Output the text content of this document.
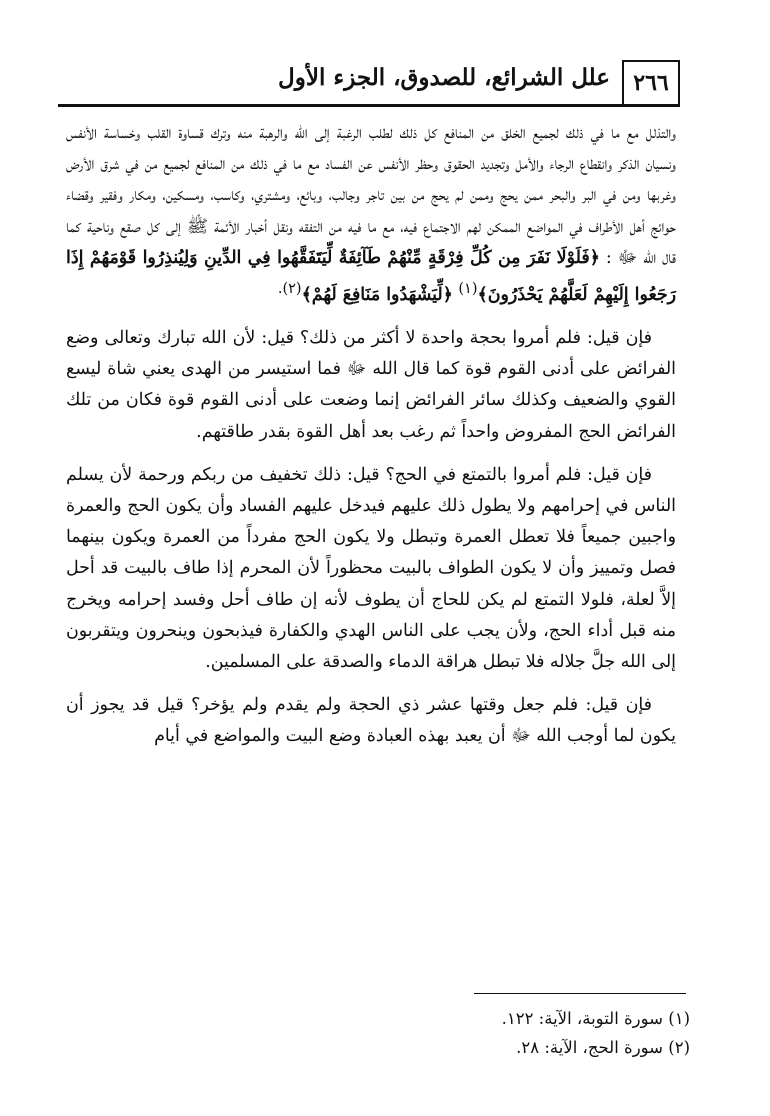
٢٦٦
علل الشرائع، للصدوق، الجزء الأول

والتذلل مع ما في ذلك لجميع الخلق من المنافع كل ذلك لطلب الرغبة إلى الله والرهبة منه وترك قساوة القلب وخساسة الأنفس ونسيان الذكر وانقطاع الرجاء والأمل وتجديد الحقوق وحظر الأنفس عن الفساد مع ما في ذلك من المنافع لجميع من في شرق الأرض وغربها ومن في البر والبحر ممن يحج وممن لم يحج من بين تاجر وجالب، وبائع، ومشتري، وكاسب، ومسكين، ومكار وفقير وقضاء حوائج أهل الأطراف في المواضع الممكن لهم الاجتماع فيه، مع ما فيه من التفقه ونقل أخبار الأئمة ﷺ إلى كل صقع وناحية كما قال الله ﷻ : ﴿فَلَوْلَا نَفَرَ مِن كُلِّ فِرْقَةٍ مِّنْهُمْ طَآئِفَةٌ لِّيَتَفَقَّهُوا فِي الدِّينِ وَلِيُنذِرُوا قَوْمَهُمْ إِذَا رَجَعُوا إِلَيْهِمْ لَعَلَّهُمْ يَحْذَرُونَ﴾$^{(١)}$ ﴿لِّيَشْهَدُوا مَنَافِعَ لَهُمْ﴾$^{(٢).}$

فإن قيل: فلم أمروا بحجة واحدة لا أكثر من ذلك؟ قيل: لأن الله تبارك وتعالى وضع الفرائض على أدنى القوم قوة كما قال الله ﷻ فما استيسر من الهدى يعني شاة ليسع القوي والضعيف وكذلك سائر الفرائض إنما وضعت على أدنى القوم قوة فكان من تلك الفرائض الحج المفروض واحداً ثم رغب بعد أهل القوة بقدر طاقتهم.

فإن قيل: فلم أمروا بالتمتع في الحج؟ قيل: ذلك تخفيف من ربكم ورحمة لأن يسلم الناس في إحرامهم ولا يطول ذلك عليهم فيدخل عليهم الفساد وأن يكون الحج والعمرة واجبين جميعاً فلا تعطل العمرة وتبطل ولا يكون الحج مفرداً من العمرة ويكون بينهما فصل وتمييز وأن لا يكون الطواف بالبيت محظوراً لأن المحرم إذا طاف بالبيت قد أحل إلاَّ لعلة، فلولا التمتع لم يكن للحاج أن يطوف لأنه إن طاف أحل وفسد إحرامه ويخرج منه قبل أداء الحج، ولأن يجب على الناس الهدي والكفارة فيذبحون وينحرون ويتقربون إلى الله جلَّ جلاله فلا تبطل هراقة الدماء والصدقة على المسلمين.

فإن قيل: فلم جعل وقتها عشر ذي الحجة ولم يقدم ولم يؤخر؟ قيل قد يجوز أن يكون لما أوجب الله ﷻ أن يعبد بهذه العبادة وضع البيت والمواضع في أيام

(١) سورة التوبة، الآية: ١٢٢.
(٢) سورة الحج، الآية: ٢٨.
